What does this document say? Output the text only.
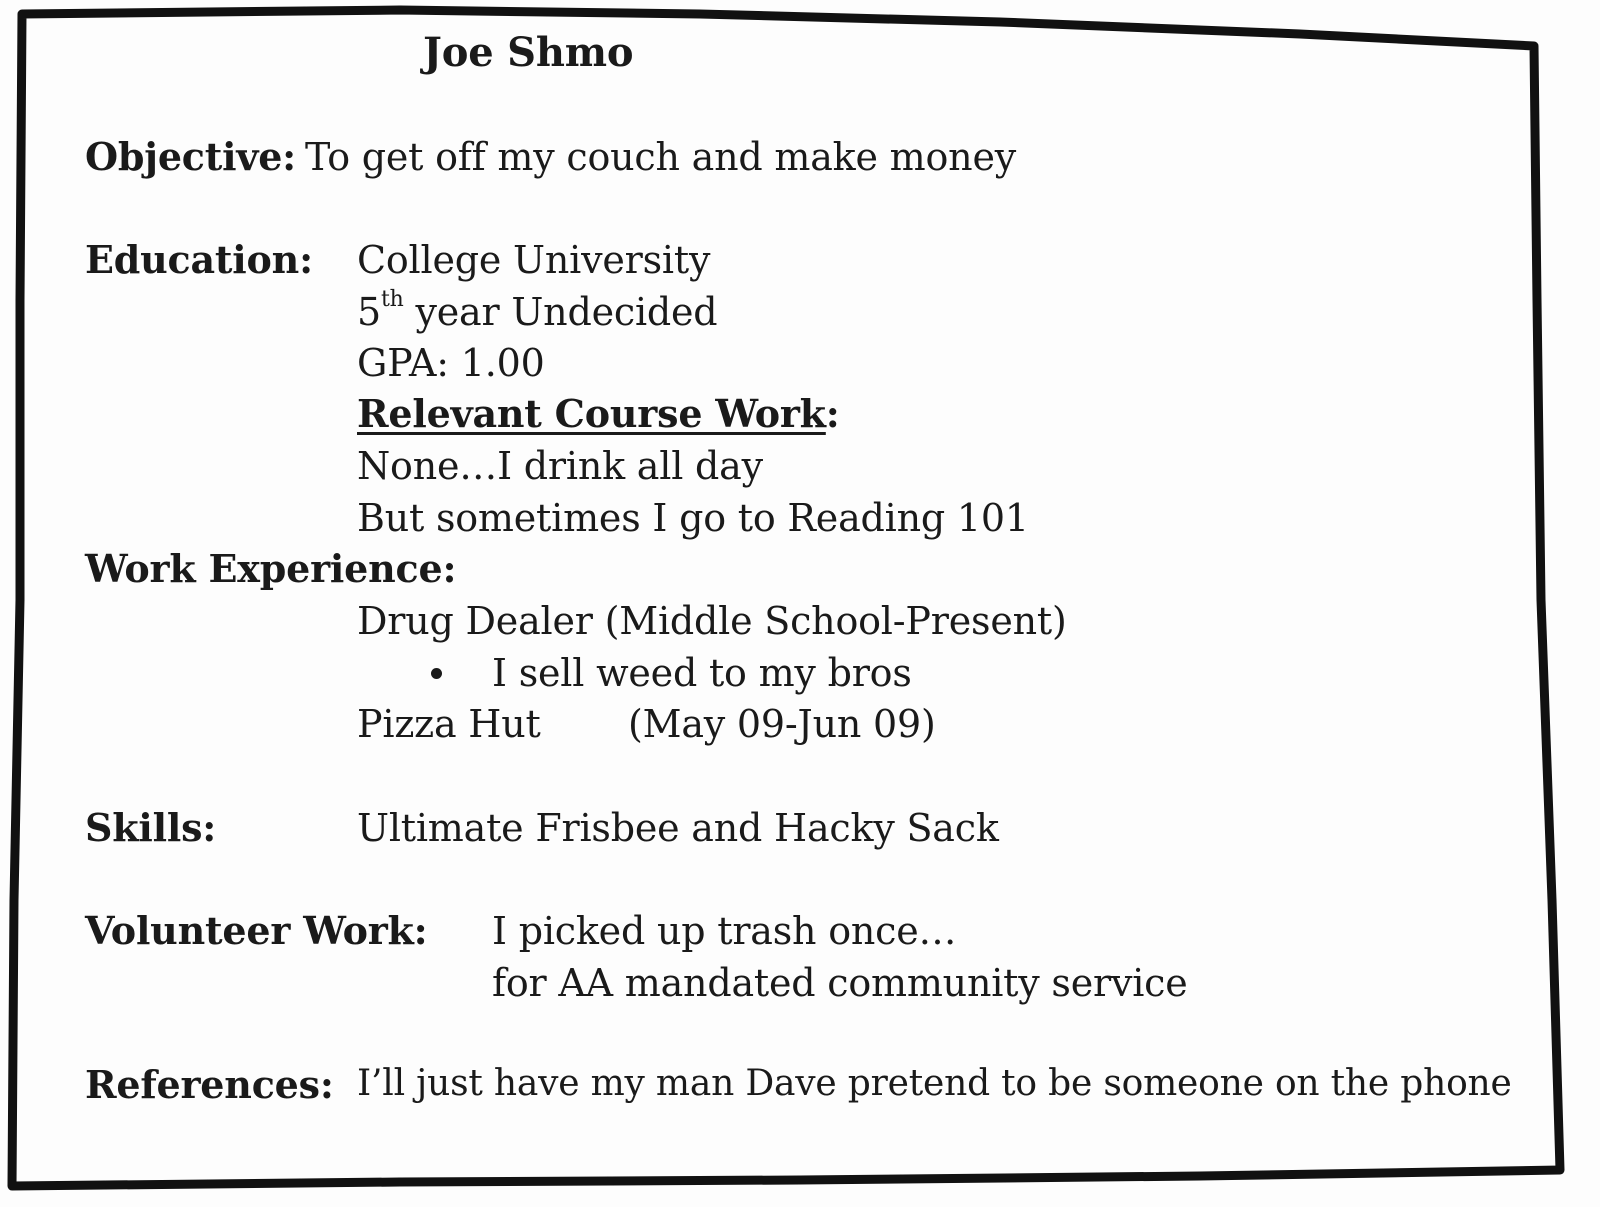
Joe Shmo
Objective: To get off my couch and make money
Education: College University
5th year Undecided
GPA: 1.00
Relevant Course Work:
None…I drink all day
But sometimes I go to Reading 101
Work Experience:
Drug Dealer (Middle School-Present)
I sell weed to my bros
Pizza Hut (May 09-Jun 09)
Skills:	Ultimate Frisbee and Hacky Sack
Volunteer Work: I picked up trash once…
for AA mandated community service
References: I’ll just have my man Dave pretend to be someone on the phone
